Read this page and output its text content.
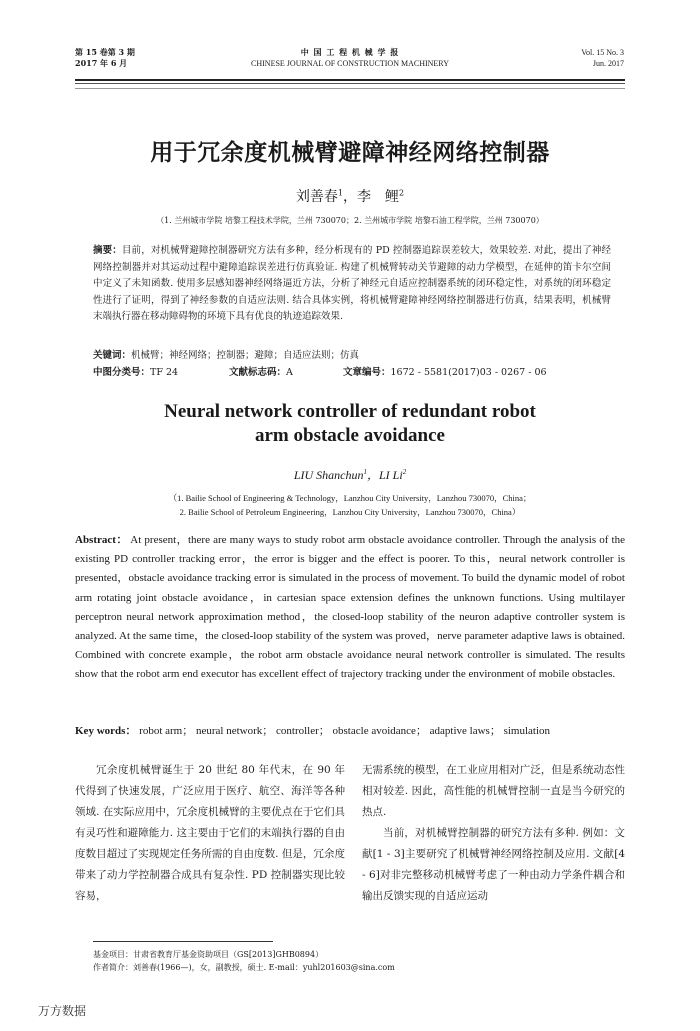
第 15 卷第 3 期
2017 年 6 月
中 国 工 程 机 械 学 报
CHINESE JOURNAL OF CONSTRUCTION MACHINERY
Vol. 15 No. 3
Jun. 2017
用于冗余度机械臂避障神经网络控制器
刘善春$^1$，李　鲤$^2$
（1. 兰州城市学院 培黎工程技术学院，兰州 730070；2. 兰州城市学院 培黎石油工程学院，兰州 730070）
摘要：目前，对机械臂避障控制器研究方法有多种，经分析现有的 PD 控制器追踪误差较大，效果较差. 对此，提出了神经网络控制器并对其运动过程中避障追踪误差进行仿真验证. 构建了机械臂转动关节避障的动力学模型，在延伸的笛卡尔空间中定义了未知函数. 使用多层感知器神经网络逼近方法，分析了神经元自适应控制器系统的闭环稳定性，对系统的闭环稳定性进行了证明，得到了神经参数的自适应法则. 结合具体实例，将机械臂避障神经网络控制器进行仿真，结果表明，机械臂末端执行器在移动障碍物的环境下具有优良的轨迹追踪效果.
关键词：机械臂；神经网络；控制器；避障；自适应法则；仿真
中图分类号：TF 24	文献标志码：A	文章编号：1672 - 5581(2017)03 - 0267 - 06
Neural network controller of redundant robot
arm obstacle avoidance
LIU Shanchun$^1$，LI Li$^2$
（1. Bailie School of Engineering & Technology，Lanzhou City University，Lanzhou 730070，China；
2. Bailie School of Petroleum Engineering，Lanzhou City University，Lanzhou 730070，China）
Abstract： At present，there are many ways to study robot arm obstacle avoidance controller. Through the analysis of the existing PD controller tracking error，the error is bigger and the effect is poorer. To this，neural network controller is presented，obstacle avoidance tracking error is simulated in the process of movement. To build the dynamic model of robot arm rotating joint obstacle avoidance，in cartesian space extension defines the unknown functions. Using multilayer perceptron neural network approximation method，the closed-loop stability of the neuron adaptive controller system is analyzed. At the same time，the closed-loop stability of the system was proved，nerve parameter adaptive laws is obtained. Combined with concrete example，the robot arm obstacle avoidance neural network controller is simulated. The results show that the robot arm end executor has excellent effect of trajectory tracking under the environment of mobile obstacles.
Key words： robot arm； neural network； controller； obstacle avoidance； adaptive laws； simulation
冗余度机械臂诞生于 20 世纪 80 年代末，在 90 年代得到了快速发展，广泛应用于医疗、航空、海洋等各种领域. 在实际应用中，冗余度机械臂的主要优点在于它们具有灵巧性和避障能力. 这主要由于它们的末端执行器的自由度数目超过了实现规定任务所需的自由度数. 但是，冗余度带来了动力学控制器合成具有复杂性. PD 控制器实现比较容易，
无需系统的模型，在工业应用相对广泛，但是系统动态性相对较差. 因此，高性能的机械臂控制一直是当今研究的热点.
当前，对机械臂控制器的研究方法有多种. 例如：文献[1 - 3]主要研究了机械臂神经网络控制及应用. 文献[4 - 6]对非完整移动机械臂考虑了一种由动力学条件耦合和输出反馈实现的自适应运动
基金项目：甘肃省教育厅基金资助项目（GS[2013]GHB0894）
作者简介：刘善春(1966—)，女，副教授，硕士. E-mail：yuhl201603@sina.com
万方数据
